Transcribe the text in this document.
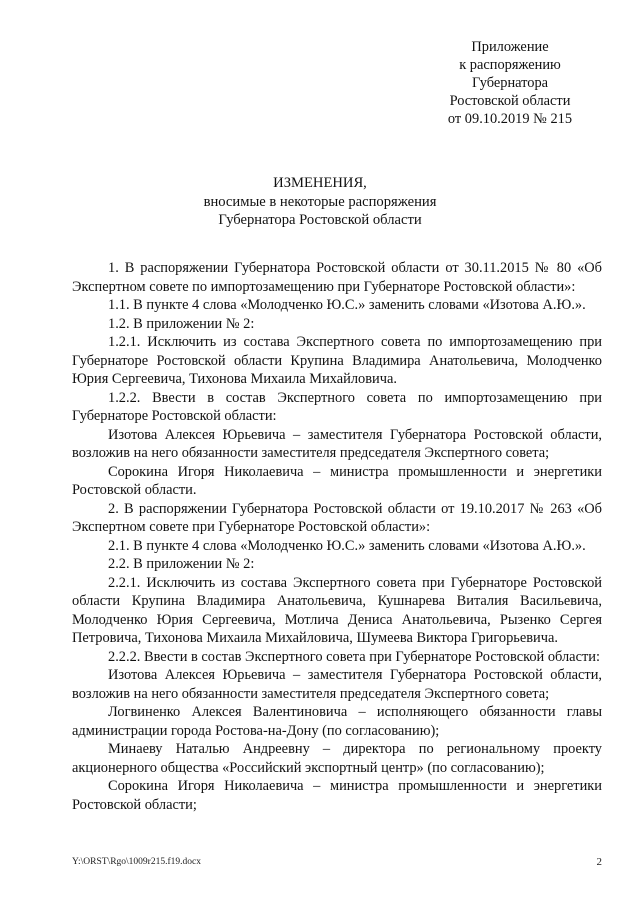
Приложение
к распоряжению
Губернатора
Ростовской области
от 09.10.2019 № 215
ИЗМЕНЕНИЯ,
вносимые в некоторые распоряжения
Губернатора Ростовской области

1. В распоряжении Губернатора Ростовской области от 30.11.2015 № 80 «Об Экспертном совете по импортозамещению при Губернаторе Ростовской области»:

1.1. В пункте 4 слова «Молодченко Ю.С.» заменить словами «Изотова А.Ю.».

1.2. В приложении № 2:

1.2.1. Исключить из состава Экспертного совета по импортозамещению при Губернаторе Ростовской области Крупина Владимира Анатольевича, Молодченко Юрия Сергеевича, Тихонова Михаила Михайловича.

1.2.2. Ввести в состав Экспертного совета по импортозамещению при Губернаторе Ростовской области:

Изотова Алексея Юрьевича – заместителя Губернатора Ростовской области, возложив на него обязанности заместителя председателя Экспертного совета;

Сорокина Игоря Николаевича – министра промышленности и энергетики Ростовской области.

2. В распоряжении Губернатора Ростовской области от 19.10.2017 № 263 «Об Экспертном совете при Губернаторе Ростовской области»:

2.1. В пункте 4 слова «Молодченко Ю.С.» заменить словами «Изотова А.Ю.».

2.2. В приложении № 2:

2.2.1. Исключить из состава Экспертного совета при Губернаторе Ростовской области Крупина Владимира Анатольевича, Кушнарева Виталия Васильевича, Молодченко Юрия Сергеевича, Мотлича Дениса Анатольевича, Рызенко Сергея Петровича, Тихонова Михаила Михайловича, Шумеева Виктора Григорьевича.

2.2.2. Ввести в состав Экспертного совета при Губернаторе Ростовской области:

Изотова Алексея Юрьевича – заместителя Губернатора Ростовской области, возложив на него обязанности заместителя председателя Экспертного совета;

Логвиненко Алексея Валентиновича – исполняющего обязанности главы администрации города Ростова-на-Дону (по согласованию);

Минаеву Наталью Андреевну – директора по региональному проекту акционерного общества «Российский экспортный центр» (по согласованию);

Сорокина Игоря Николаевича – министра промышленности и энергетики Ростовской области;

Y:\ORST\Rgo\1009r215.f19.docx	2
